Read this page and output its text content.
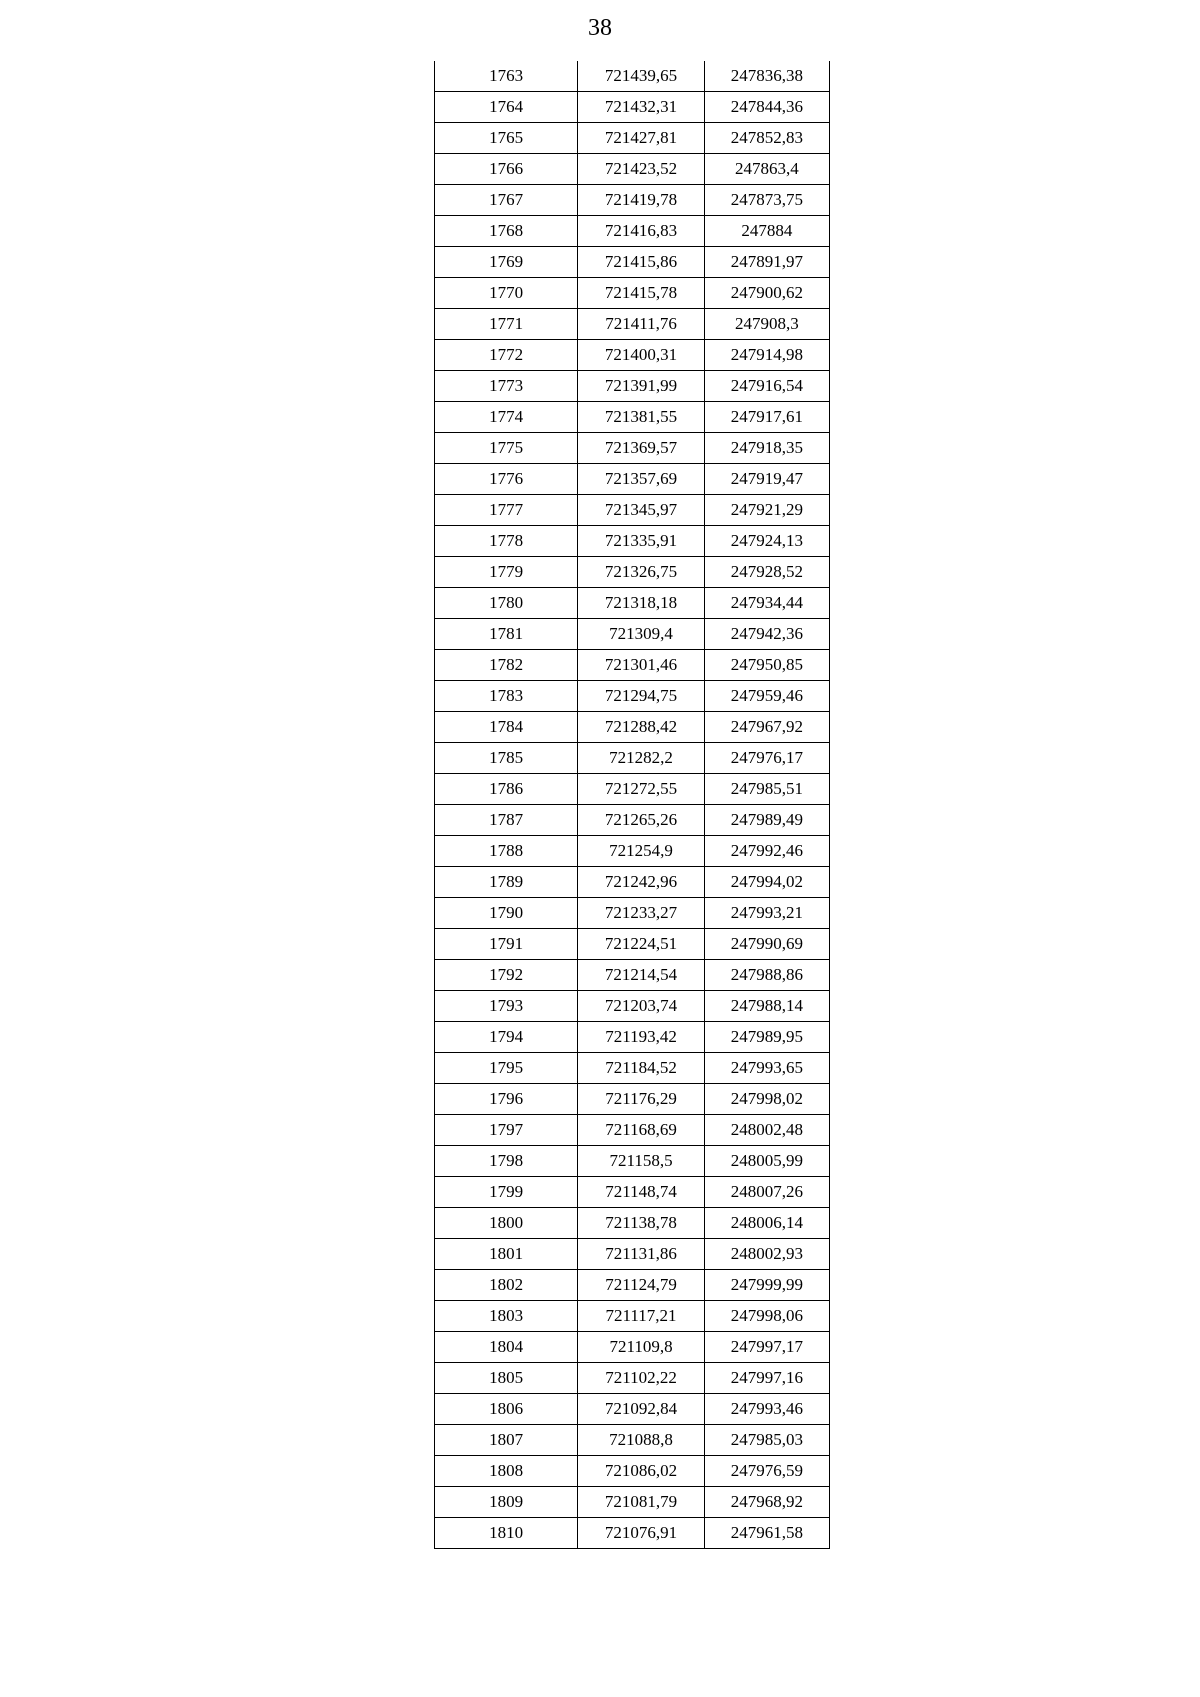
38
1763	721439,65	247836,38
1764	721432,31	247844,36
1765	721427,81	247852,83
1766	721423,52	247863,4
1767	721419,78	247873,75
1768	721416,83	247884
1769	721415,86	247891,97
1770	721415,78	247900,62
1771	721411,76	247908,3
1772	721400,31	247914,98
1773	721391,99	247916,54
1774	721381,55	247917,61
1775	721369,57	247918,35
1776	721357,69	247919,47
1777	721345,97	247921,29
1778	721335,91	247924,13
1779	721326,75	247928,52
1780	721318,18	247934,44
1781	721309,4	247942,36
1782	721301,46	247950,85
1783	721294,75	247959,46
1784	721288,42	247967,92
1785	721282,2	247976,17
1786	721272,55	247985,51
1787	721265,26	247989,49
1788	721254,9	247992,46
1789	721242,96	247994,02
1790	721233,27	247993,21
1791	721224,51	247990,69
1792	721214,54	247988,86
1793	721203,74	247988,14
1794	721193,42	247989,95
1795	721184,52	247993,65
1796	721176,29	247998,02
1797	721168,69	248002,48
1798	721158,5	248005,99
1799	721148,74	248007,26
1800	721138,78	248006,14
1801	721131,86	248002,93
1802	721124,79	247999,99
1803	721117,21	247998,06
1804	721109,8	247997,17
1805	721102,22	247997,16
1806	721092,84	247993,46
1807	721088,8	247985,03
1808	721086,02	247976,59
1809	721081,79	247968,92
1810	721076,91	247961,58
